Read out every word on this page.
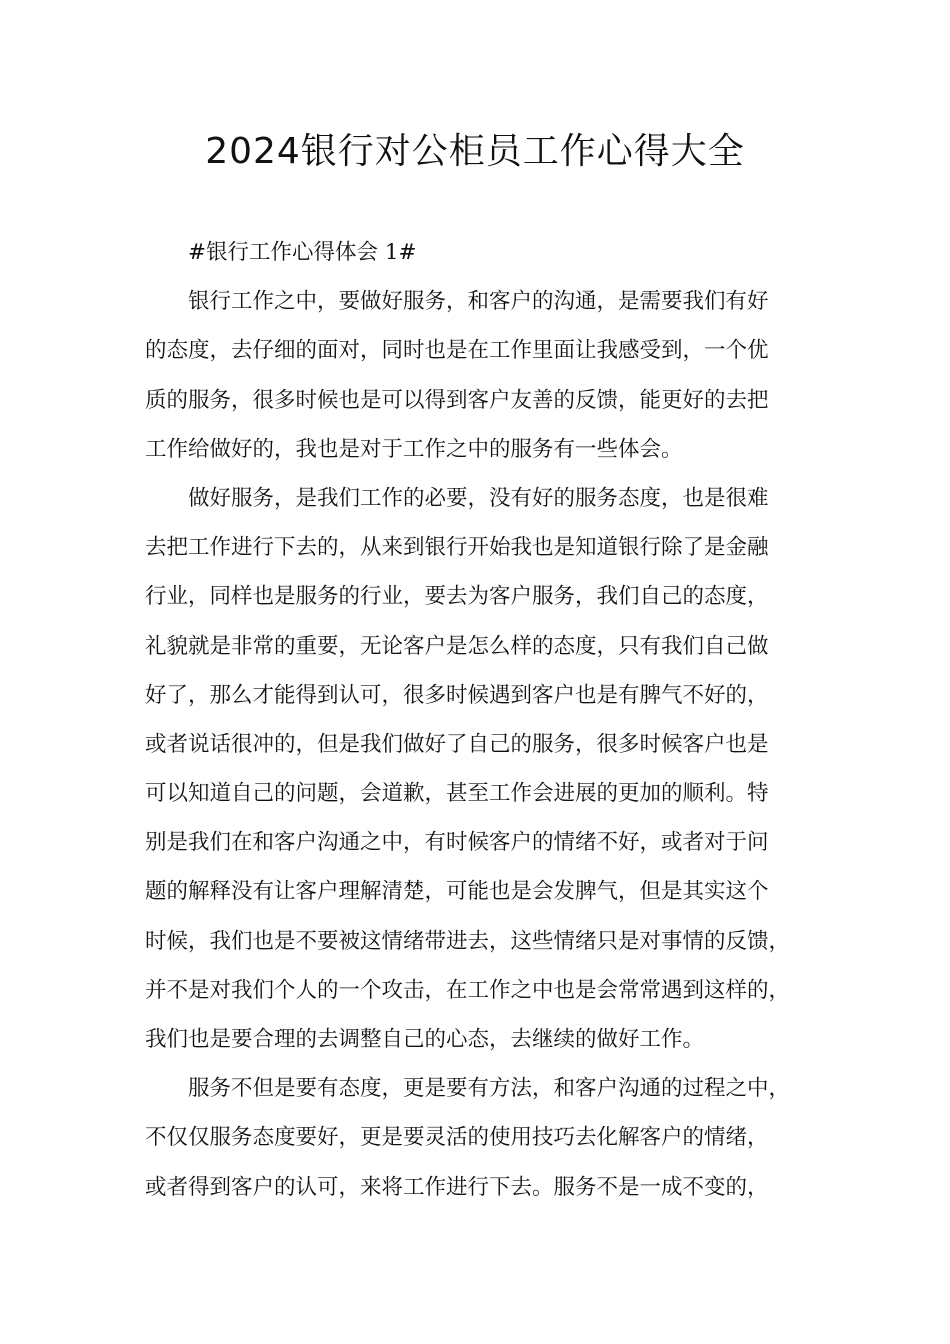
2024银行对公柜员工作心得大全
#银行工作心得体会 1#
银行工作之中，要做好服务，和客户的沟通，是需要我们有好
的态度，去仔细的面对，同时也是在工作里面让我感受到，一个优
质的服务，很多时候也是可以得到客户友善的反馈，能更好的去把
工作给做好的，我也是对于工作之中的服务有一些体会。
做好服务，是我们工作的必要，没有好的服务态度，也是很难
去把工作进行下去的，从来到银行开始我也是知道银行除了是金融
行业，同样也是服务的行业，要去为客户服务，我们自己的态度，
礼貌就是非常的重要，无论客户是怎么样的态度，只有我们自己做
好了，那么才能得到认可，很多时候遇到客户也是有脾气不好的，
或者说话很冲的，但是我们做好了自己的服务，很多时候客户也是
可以知道自己的问题，会道歉，甚至工作会进展的更加的顺利。特
别是我们在和客户沟通之中，有时候客户的情绪不好，或者对于问
题的解释没有让客户理解清楚，可能也是会发脾气，但是其实这个
时候，我们也是不要被这情绪带进去，这些情绪只是对事情的反馈，
并不是对我们个人的一个攻击，在工作之中也是会常常遇到这样的，
我们也是要合理的去调整自己的心态，去继续的做好工作。
服务不但是要有态度，更是要有方法，和客户沟通的过程之中，
不仅仅服务态度要好，更是要灵活的使用技巧去化解客户的情绪，
或者得到客户的认可，来将工作进行下去。服务不是一成不变的，
